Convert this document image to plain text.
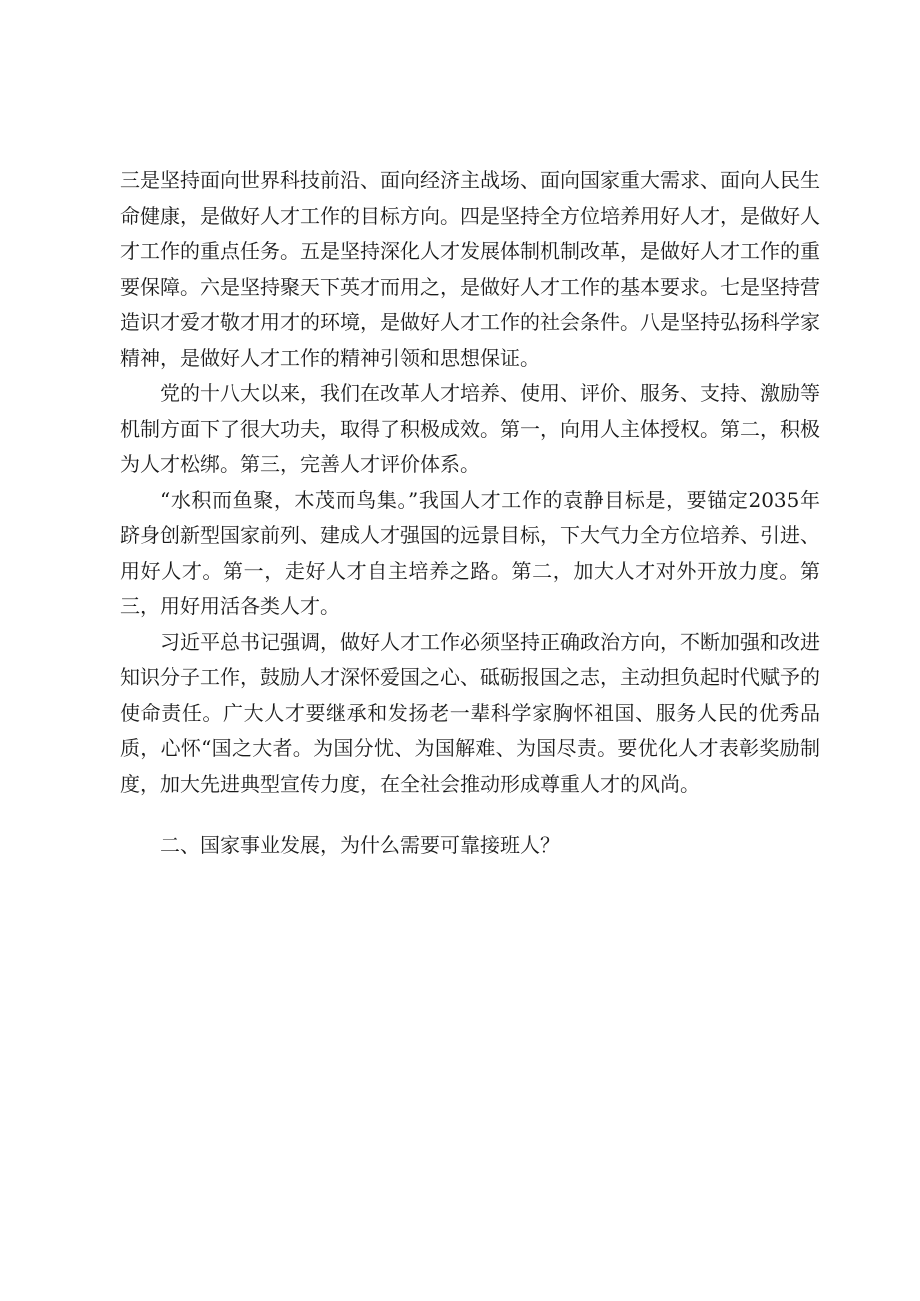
三是坚持面向世界科技前沿、面向经济主战场、面向国家重大需求、面向人民生命健康，是做好人才工作的目标方向。四是坚持全方位培养用好人才，是做好人才工作的重点任务。五是坚持深化人才发展体制机制改革，是做好人才工作的重要保障。六是坚持聚天下英才而用之，是做好人才工作的基本要求。七是坚持营造识才爱才敬才用才的环境，是做好人才工作的社会条件。八是坚持弘扬科学家精神，是做好人才工作的精神引领和思想保证。

党的十八大以来，我们在改革人才培养、使用、评价、服务、支持、激励等机制方面下了很大功夫，取得了积极成效。第一，向用人主体授权。第二，积极为人才松绑。第三，完善人才评价体系。

“水积而鱼聚，木茂而鸟集。”我国人才工作的袁静目标是，要锚定2035年跻身创新型国家前列、建成人才强国的远景目标，下大气力全方位培养、引进、用好人才。第一，走好人才自主培养之路。第二，加大人才对外开放力度。第三，用好用活各类人才。

习近平总书记强调，做好人才工作必须坚持正确政治方向，不断加强和改进知识分子工作，鼓励人才深怀爱国之心、砥砺报国之志，主动担负起时代赋予的使命责任。广大人才要继承和发扬老一辈科学家胸怀祖国、服务人民的优秀品质，心怀“国之大者。为国分忧、为国解难、为国尽责。要优化人才表彰奖励制度，加大先进典型宣传力度，在全社会推动形成尊重人才的风尚。

二、国家事业发展，为什么需要可靠接班人？
